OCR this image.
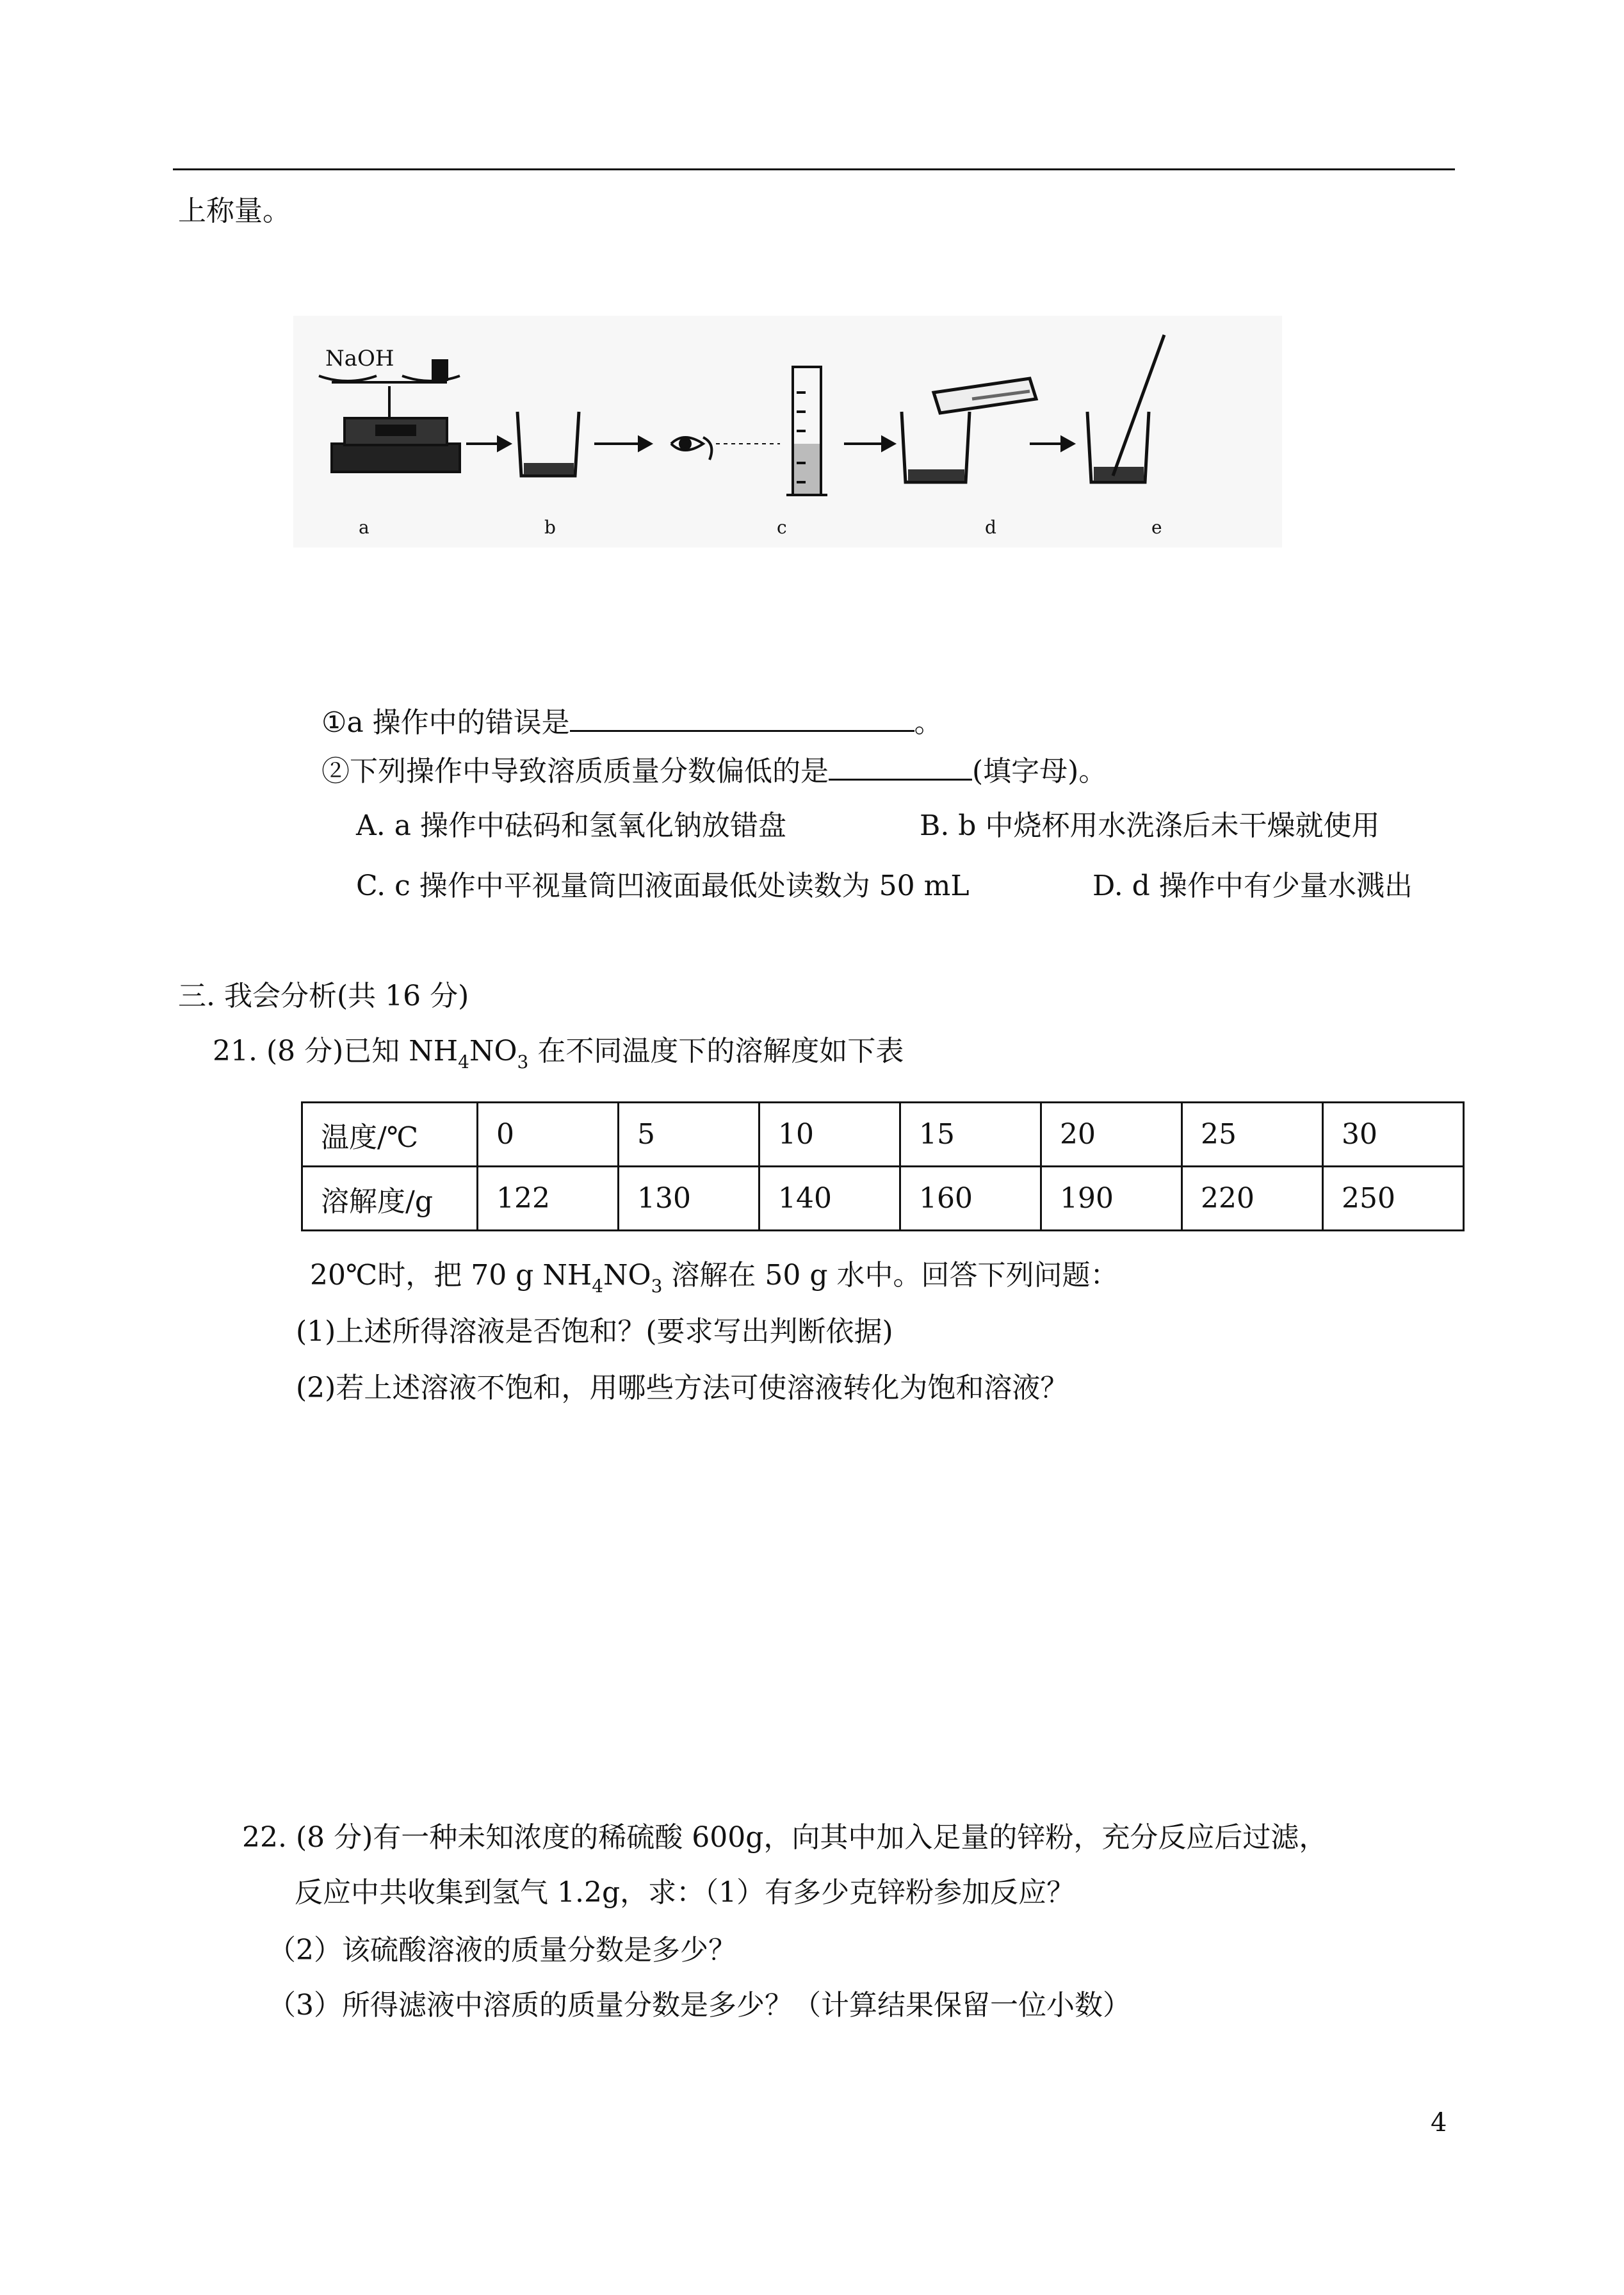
上称量。
NaOH
a	b	c	d	e
①a 操作中的错误是	。
②下列操作中导致溶质质量分数偏低的是	(填字母)。
A. a 操作中砝码和氢氧化钠放错盘	B. b 中烧杯用水洗涤后未干燥就使用
C. c 操作中平视量筒凹液面最低处读数为 50 mL	D. d 操作中有少量水溅出
三. 我会分析(共 16 分)
21. (8 分)已知 $NH_4NO_3$ 在不同温度下的溶解度如下表
温度/℃	0	5	10	15	20	25	30
溶解度/g	122	130	140	160	190	220	250
20℃时，把 70 g $NH_4NO_3$ 溶解在 50 g 水中。回答下列问题：
(1)上述所得溶液是否饱和？(要求写出判断依据)
(2)若上述溶液不饱和，用哪些方法可使溶液转化为饱和溶液？
22. (8 分)有一种未知浓度的稀硫酸 600g，向其中加入足量的锌粉，充分反应后过滤，
反应中共收集到氢气 1.2g，求：（1）有多少克锌粉参加反应？
（2）该硫酸溶液的质量分数是多少？
（3）所得滤液中溶质的质量分数是多少？（计算结果保留一位小数）
4
